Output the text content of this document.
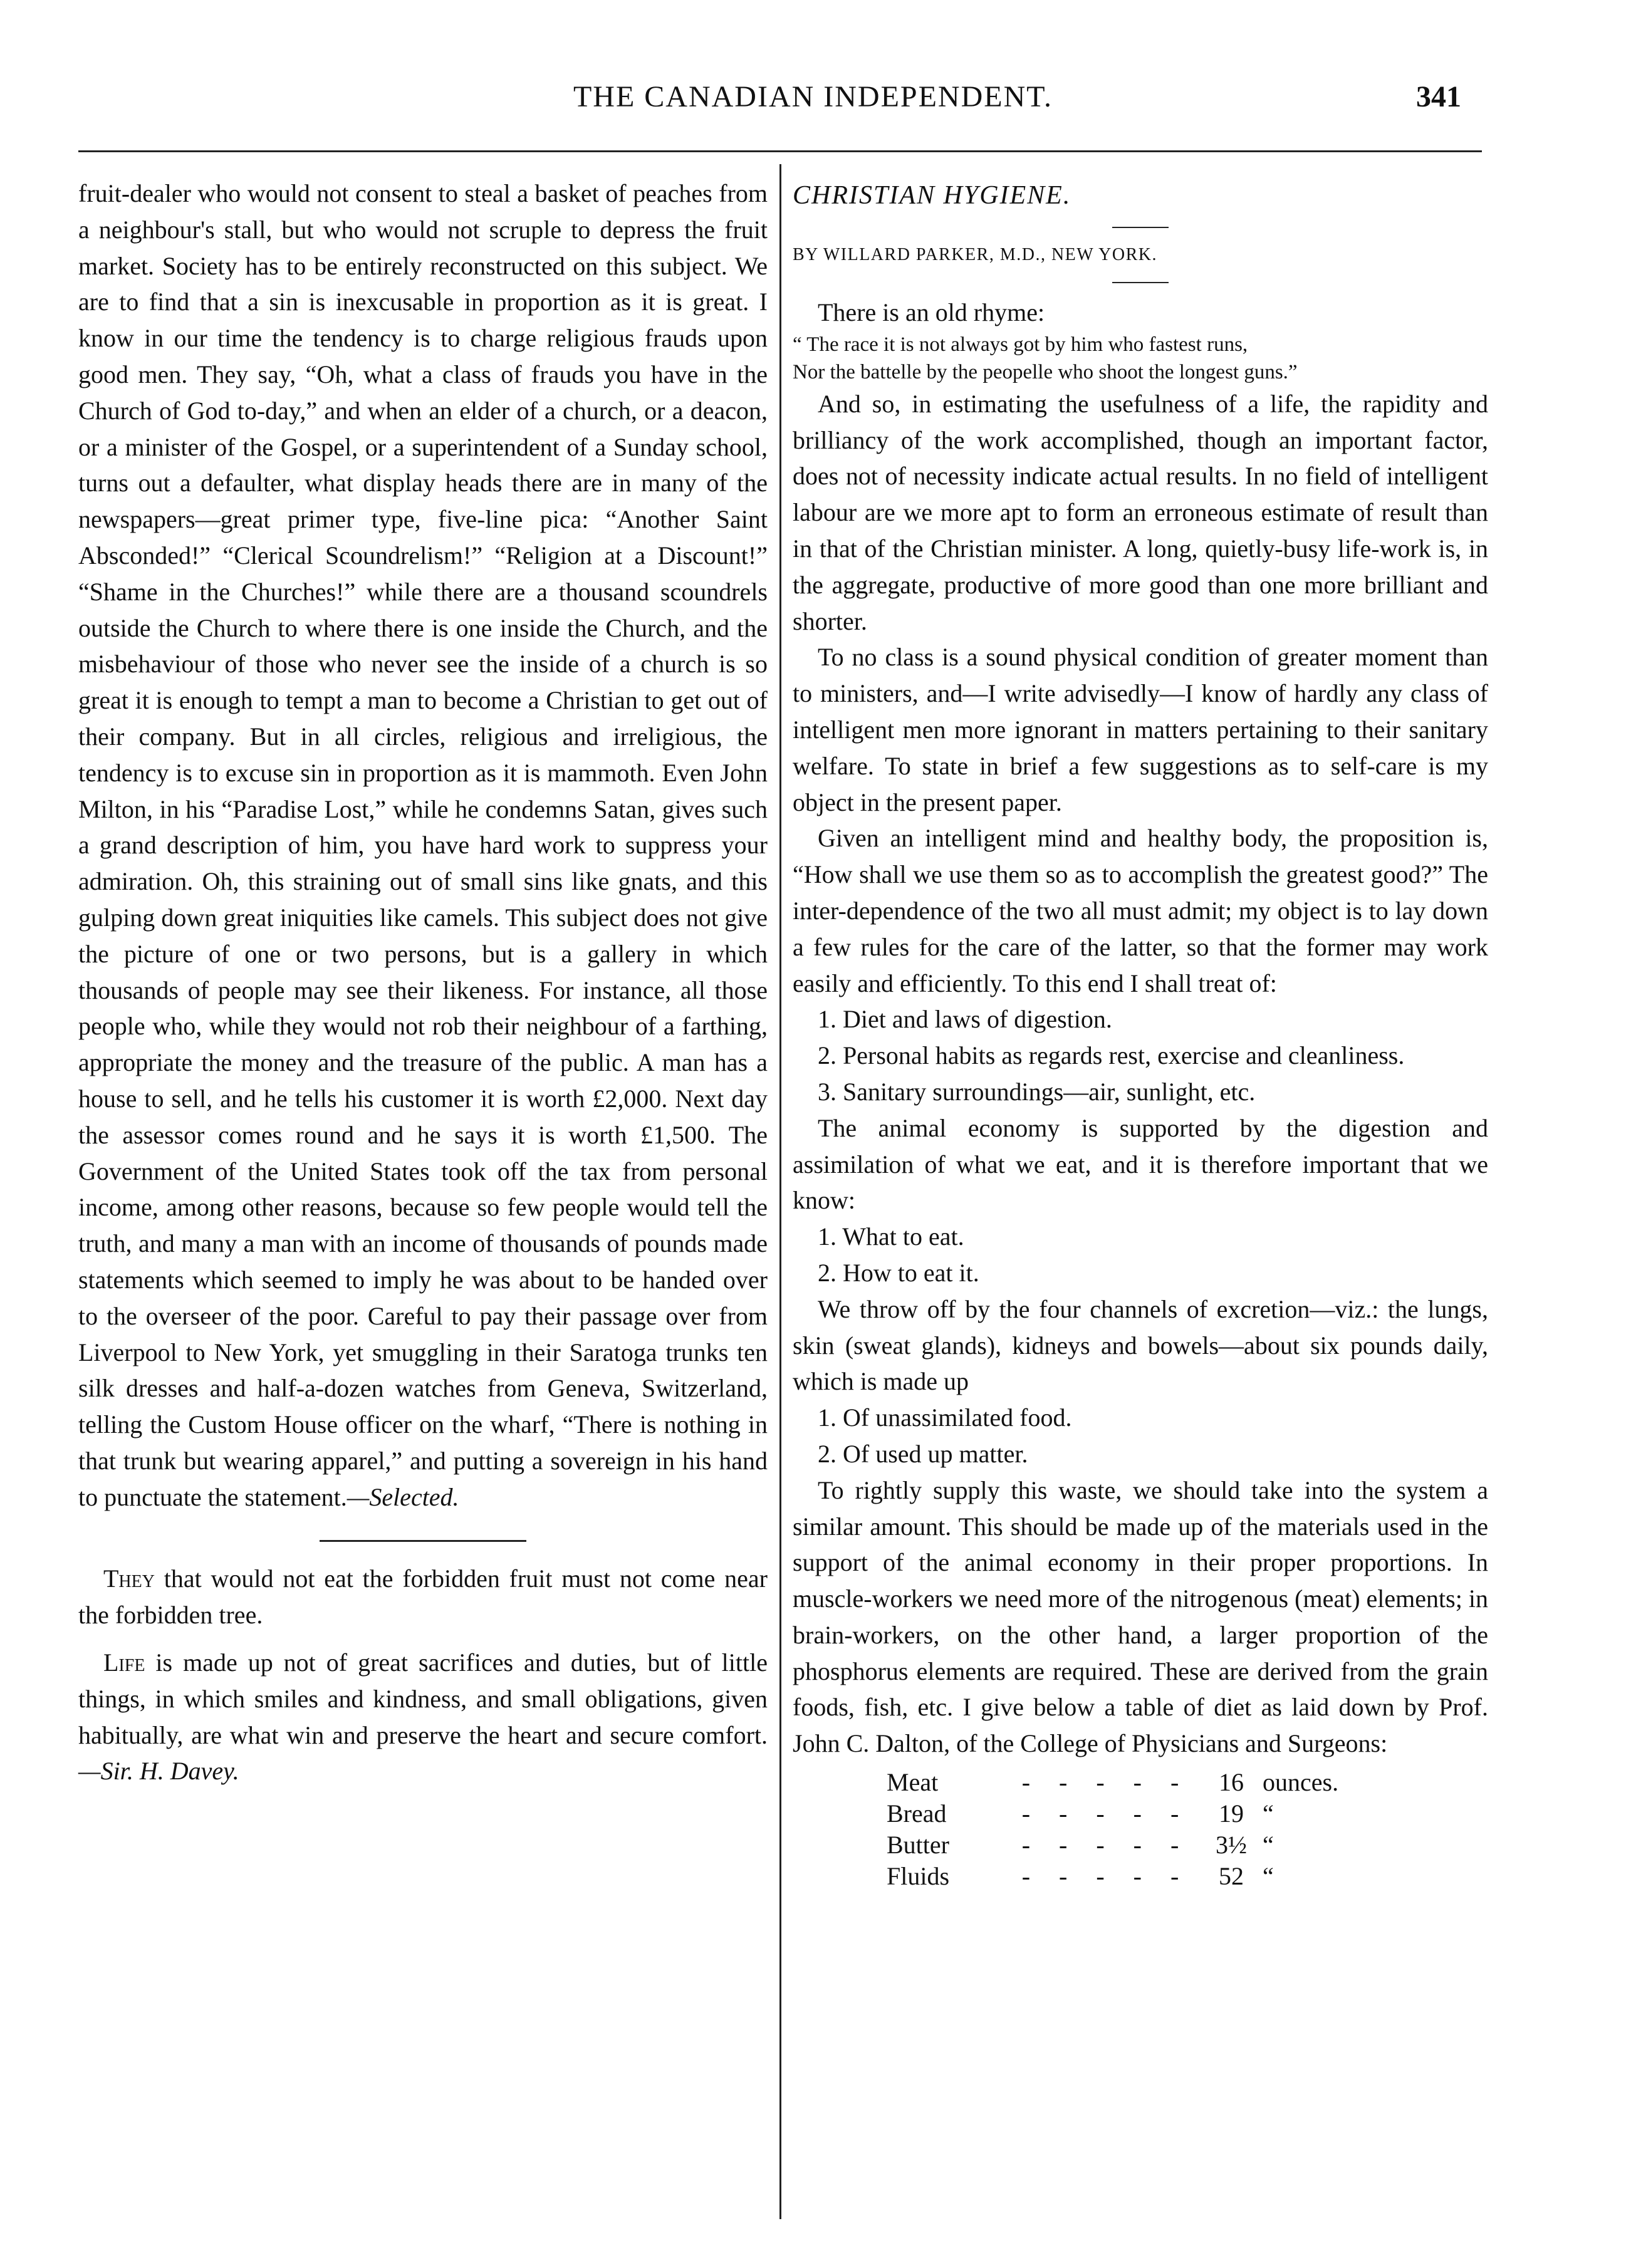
THE CANADIAN INDEPENDENT.	341

fruit-dealer who would not consent to steal a basket of peaches from a neighbour's stall, but who would not scruple to depress the fruit market. Society has to be entirely reconstructed on this subject. We are to find that a sin is inexcusable in proportion as it is great. I know in our time the tendency is to charge religious frauds upon good men. They say, “Oh, what a class of frauds you have in the Church of God to-day,” and when an elder of a church, or a deacon, or a minister of the Gospel, or a superintendent of a Sunday school, turns out a defaulter, what display heads there are in many of the newspapers—great primer type, five-line pica: “Another Saint Absconded!” “Clerical Scoundrelism!” “Religion at a Discount!” “Shame in the Churches!” while there are a thousand scoundrels outside the Church to where there is one inside the Church, and the misbehaviour of those who never see the inside of a church is so great it is enough to tempt a man to become a Christian to get out of their company. But in all circles, religious and irreligious, the tendency is to excuse sin in proportion as it is mammoth. Even John Milton, in his “Paradise Lost,” while he condemns Satan, gives such a grand description of him, you have hard work to suppress your admiration. Oh, this straining out of small sins like gnats, and this gulping down great iniquities like camels. This subject does not give the picture of one or two persons, but is a gallery in which thousands of people may see their likeness. For instance, all those people who, while they would not rob their neighbour of a farthing, appropriate the money and the treasure of the public. A man has a house to sell, and he tells his customer it is worth £2,000. Next day the assessor comes round and he says it is worth £1,500. The Government of the United States took off the tax from personal income, among other reasons, because so few people would tell the truth, and many a man with an income of thousands of pounds made statements which seemed to imply he was about to be handed over to the overseer of the poor. Careful to pay their passage over from Liverpool to New York, yet smuggling in their Saratoga trunks ten silk dresses and half-a-dozen watches from Geneva, Switzerland, telling the Custom House officer on the wharf, “There is nothing in that trunk but wearing apparel,” and putting a sovereign in his hand to punctuate the statement.—Selected.

They that would not eat the forbidden fruit must not come near the forbidden tree.

Life is made up not of great sacrifices and duties, but of little things, in which smiles and kindness, and small obligations, given habitually, are what win and preserve the heart and secure comfort.—Sir. H. Davey.

CHRISTIAN HYGIENE.

BY WILLARD PARKER, M.D., NEW YORK.

There is an old rhyme:

“ The race it is not always got by him who fastest runs,

Nor the battelle by the peopelle who shoot the longest guns.”

And so, in estimating the usefulness of a life, the rapidity and brilliancy of the work accomplished, though an important factor, does not of necessity indicate actual results. In no field of intelligent labour are we more apt to form an erroneous estimate of result than in that of the Christian minister. A long, quietly-busy life-work is, in the aggregate, productive of more good than one more brilliant and shorter.

To no class is a sound physical condition of greater moment than to ministers, and—I write advisedly—I know of hardly any class of intelligent men more ignorant in matters pertaining to their sanitary welfare. To state in brief a few suggestions as to self-care is my object in the present paper.

Given an intelligent mind and healthy body, the proposition is, “How shall we use them so as to accomplish the greatest good?” The inter-dependence of the two all must admit; my object is to lay down a few rules for the care of the latter, so that the former may work easily and efficiently. To this end I shall treat of:

1. Diet and laws of digestion.

2. Personal habits as regards rest, exercise and cleanliness.

3. Sanitary surroundings—air, sunlight, etc.

The animal economy is supported by the digestion and assimilation of what we eat, and it is therefore important that we know:

1. What to eat.

2. How to eat it.

We throw off by the four channels of excretion—viz.: the lungs, skin (sweat glands), kidneys and bowels—about six pounds daily, which is made up

1. Of unassimilated food.

2. Of used up matter.

To rightly supply this waste, we should take into the system a similar amount. This should be made up of the materials used in the support of the animal economy in their proper proportions. In muscle-workers we need more of the nitrogenous (meat) elements; in brain-workers, on the other hand, a larger proportion of the phosphorus elements are required. These are derived from the grain foods, fish, etc. I give below a table of diet as laid down by Prof. John C. Dalton, of the College of Physicians and Surgeons:

Meat	- - - - -	16	ounces.
Bread	- - - - -	19	“
Butter	- - - - -	3½	“
Fluids	- - - - -	52	“
